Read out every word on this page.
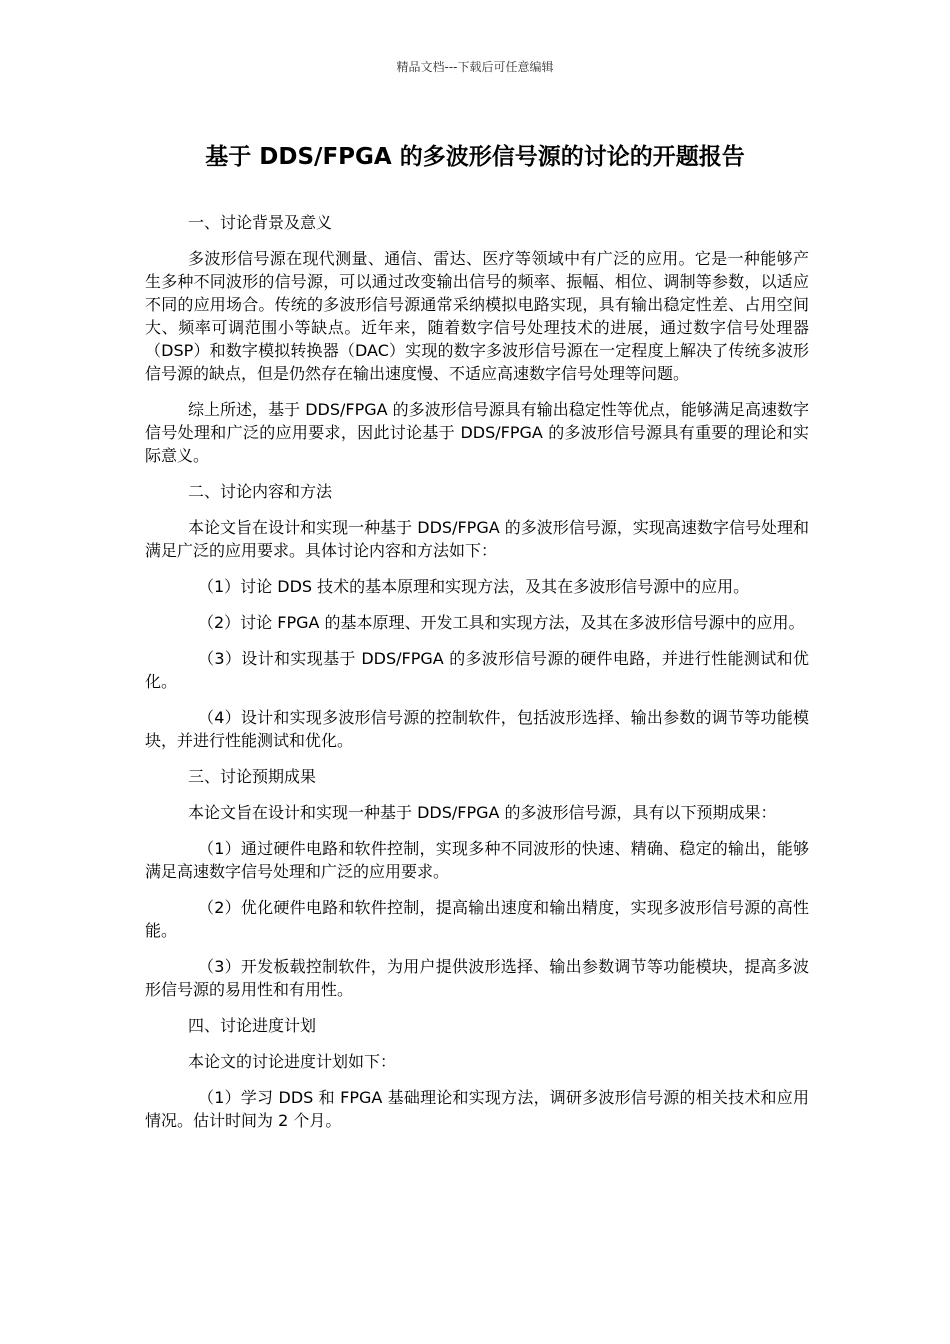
精品文档---下载后可任意编辑
基于 DDS/FPGA 的多波形信号源的讨论的开题报告

一、讨论背景及意义

多波形信号源在现代测量、通信、雷达、医疗等领域中有广泛的应用。它是一种能够产生多种不同波形的信号源，可以通过改变输出信号的频率、振幅、相位、调制等参数，以适应不同的应用场合。传统的多波形信号源通常采纳模拟电路实现，具有输出稳定性差、占用空间大、频率可调范围小等缺点。近年来，随着数字信号处理技术的进展，通过数字信号处理器（DSP）和数字模拟转换器（DAC）实现的数字多波形信号源在一定程度上解决了传统多波形信号源的缺点，但是仍然存在输出速度慢、不适应高速数字信号处理等问题。

综上所述，基于 DDS/FPGA 的多波形信号源具有输出稳定性等优点，能够满足高速数字信号处理和广泛的应用要求，因此讨论基于 DDS/FPGA 的多波形信号源具有重要的理论和实际意义。

二、讨论内容和方法

本论文旨在设计和实现一种基于 DDS/FPGA 的多波形信号源，实现高速数字信号处理和满足广泛的应用要求。具体讨论内容和方法如下：

（1）讨论 DDS 技术的基本原理和实现方法，及其在多波形信号源中的应用。

（2）讨论 FPGA 的基本原理、开发工具和实现方法，及其在多波形信号源中的应用。

（3）设计和实现基于 DDS/FPGA 的多波形信号源的硬件电路，并进行性能测试和优化。

（4）设计和实现多波形信号源的控制软件，包括波形选择、输出参数的调节等功能模块，并进行性能测试和优化。

三、讨论预期成果

本论文旨在设计和实现一种基于 DDS/FPGA 的多波形信号源，具有以下预期成果：

（1）通过硬件电路和软件控制，实现多种不同波形的快速、精确、稳定的输出，能够满足高速数字信号处理和广泛的应用要求。

（2）优化硬件电路和软件控制，提高输出速度和输出精度，实现多波形信号源的高性能。

（3）开发板载控制软件，为用户提供波形选择、输出参数调节等功能模块，提高多波形信号源的易用性和有用性。

四、讨论进度计划

本论文的讨论进度计划如下：

（1）学习 DDS 和 FPGA 基础理论和实现方法，调研多波形信号源的相关技术和应用情况。估计时间为 2 个月。
